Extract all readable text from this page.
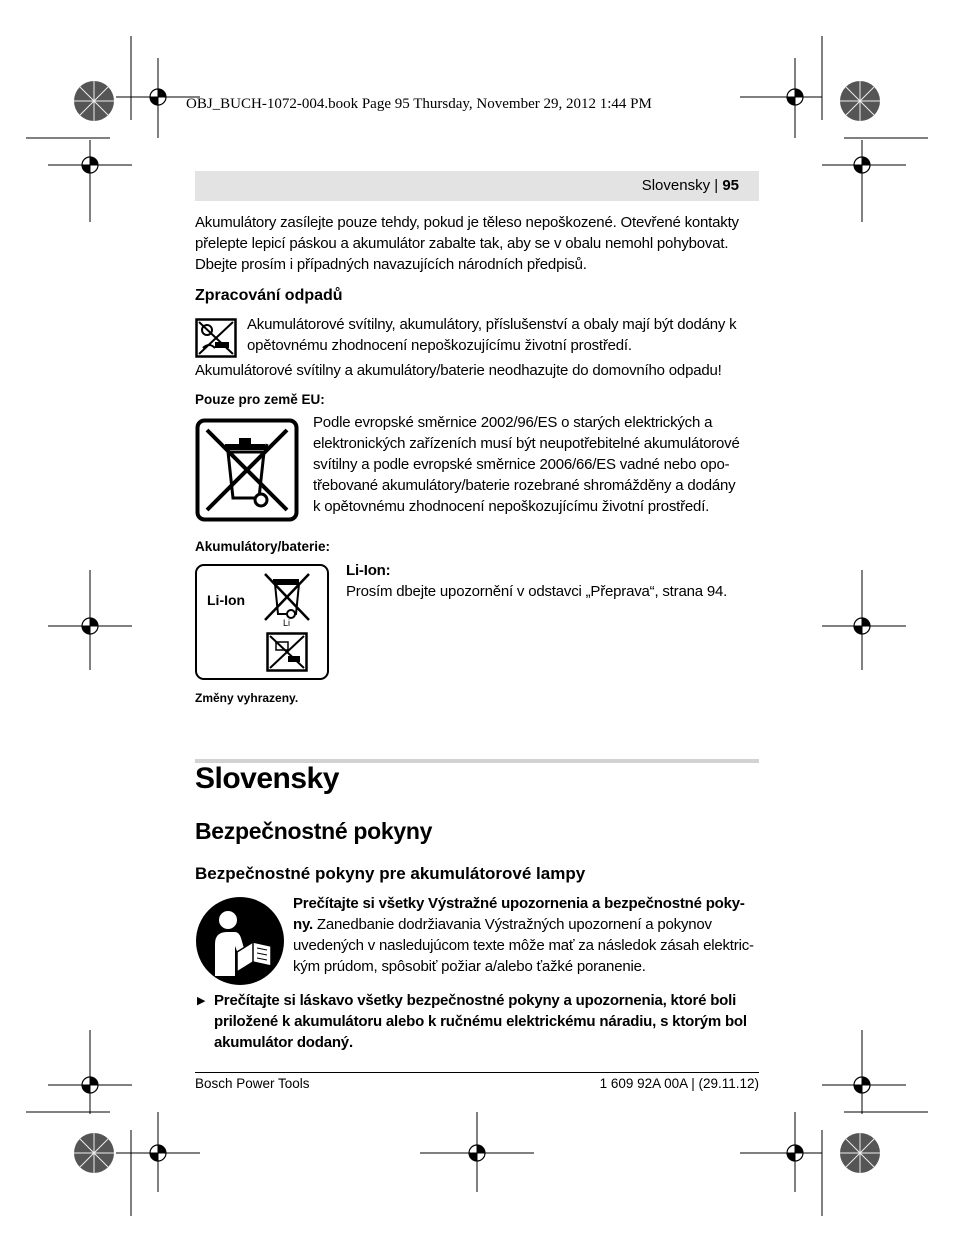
OBJ_BUCH-1072-004.book Page 95 Thursday, November 29, 2012 1:44 PM
Slovensky | 95
Akumulátory zasílejte pouze tehdy, pokud je těleso nepoškozené. Otevřené kontakty
přelepte lepicí páskou a akumulátor zabalte tak, aby se v obalu nemohl pohybovat.
Dbejte prosím i případných navazujících národních předpisů.
Zpracování odpadů
Akumulátorové svítilny, akumulátory, příslušenství a obaly mají být dodány k
opětovnému zhodnocení nepoškozujícímu životní prostředí.
Akumulátorové svítilny a akumulátory/baterie neodhazujte do domovního odpadu!
Pouze pro země EU:
Podle evropské směrnice 2002/96/ES o starých elektrických a
elektronických zařízeních musí být neupotřebitelné akumulátorové
svítilny a podle evropské směrnice 2006/66/ES vadné nebo opo-
třebované akumulátory/baterie rozebrané shromážděny a dodány
k opětovnému zhodnocení nepoškozujícímu životní prostředí.
Akumulátory/baterie:
Li-Ion
Li
Li-Ion:
Prosím dbejte upozornění v odstavci „Přeprava“, strana 94.
Změny vyhrazeny.
Slovensky
Bezpečnostné pokyny
Bezpečnostné pokyny pre akumulátorové lampy
Prečítajte si všetky Výstražné upozornenia a bezpečnostné poky-
ny. Zanedbanie dodržiavania Výstražných upozornení a pokynov
uvedených v nasledujúcom texte môže mať za následok zásah elektric-
kým prúdom, spôsobiť požiar a/alebo ťažké poranenie.
▶ Prečítajte si láskavo všetky bezpečnostné pokyny a upozornenia, ktoré boli
priložené k akumulátoru alebo k ručnému elektrickému náradiu, s ktorým bol
akumulátor dodaný.
Bosch Power Tools	1 609 92A 00A | (29.11.12)
